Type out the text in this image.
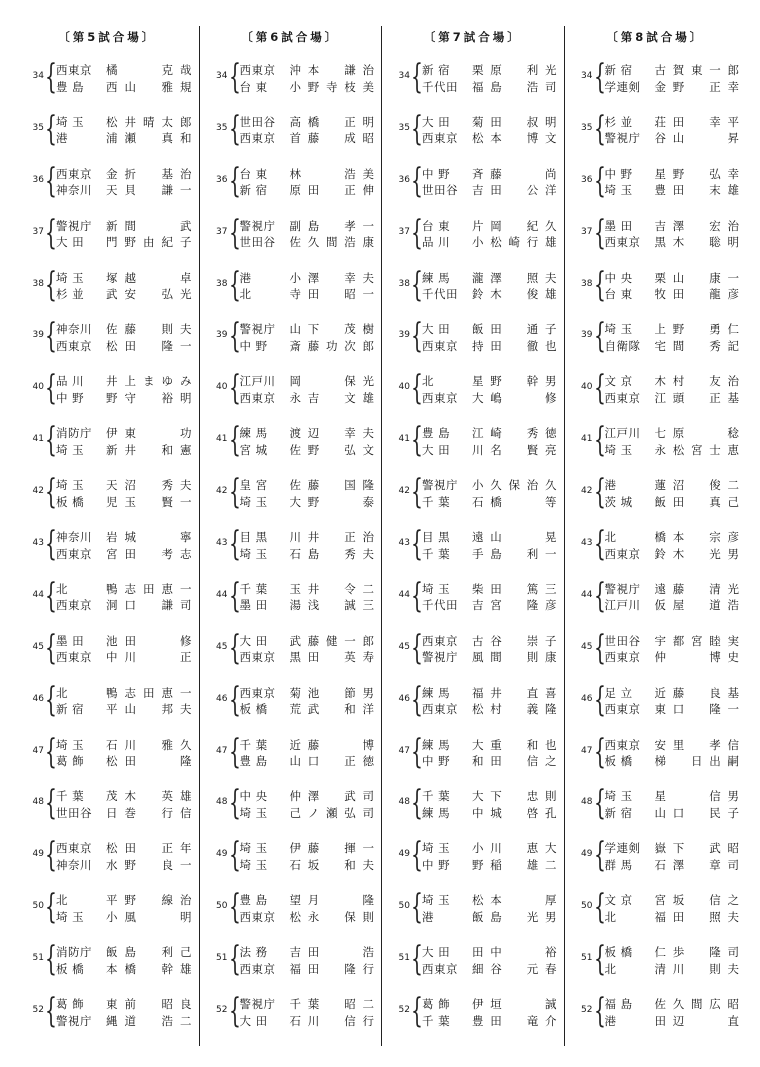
〔第5試合場〕
34 { 西東京	橘　　克哉
豊 島	西山　雅規
35 { 埼 玉	松井晴太郎
港	浦瀬　真和
36 { 西東京	金折　基治
神奈川	天貝　謙一
37 { 警視庁	新間　　武
大 田	門野由紀子
38 { 埼 玉	塚越　　卓
杉 並	武安　弘光
39 { 神奈川	佐藤　則夫
西東京	松田　隆一
40 { 品 川	井上まゆみ
中 野	野守　裕明
41 { 消防庁	伊東　　功
埼 玉	新井　和憲
42 { 埼 玉	天沼　秀夫
板 橋	児玉　賢一
43 { 神奈川	岩城　　寧
西東京	宮田　考志
44 { 北	鴨志田恵一
西東京	洞口　謙司
45 { 墨 田	池田　　修
西東京	中川　　正
46 { 北	鴨志田恵一
新 宿	平山　邦夫
47 { 埼 玉	石川　雅久
葛 飾	松田　　隆
48 { 千 葉	茂木　英雄
世田谷	日巻　行信
49 { 西東京	松田　正年
神奈川	水野　良一
50 { 北	平野　線治
埼 玉	小風　　明
51 { 消防庁	飯島　利己
板 橋	本橋　幹雄
52 { 葛 飾	東前　昭良
警視庁	縄道　浩二
〔第6試合場〕
34 { 西東京	沖本　謙治
台 東	小野寺枝美
35 { 世田谷	高橋　正明
西東京	首藤　成昭
36 { 台 東	林　　浩美
新 宿	原田　正伸
37 { 警視庁	副島　孝一
世田谷	佐久間浩康
38 { 港	小澤　幸夫
北	寺田　昭一
39 { 警視庁	山下　茂樹
中 野	斎藤功次郎
40 { 江戸川	岡　　保光
西東京	永吉　文雄
41 { 練 馬	渡辺　幸夫
宮 城	佐野　弘文
42 { 皇 宮	佐藤　国隆
埼 玉	大野　　泰
43 { 目 黒	川井　正治
埼 玉	石島　秀夫
44 { 千 葉	玉井　令二
墨 田	湯浅　誠三
45 { 大 田	武藤健一郎
西東京	黒田　英寿
46 { 西東京	菊池　節男
板 橋	荒武　和洋
47 { 千 葉	近藤　　博
豊 島	山口　正徳
48 { 中 央	仲澤　武司
埼 玉	己ノ瀬弘司
49 { 埼 玉	伊藤　揮一
埼 玉	石坂　和夫
50 { 豊 島	望月　　隆
西東京	松永　保則
51 { 法 務	吉田　　浩
西東京	福田　隆行
52 { 警視庁	千葉　昭二
大 田	石川　信行
〔第7試合場〕
34 { 新 宿	栗原　利光
千代田	福島　浩司
35 { 大 田	菊田　叔明
西東京	松本　博文
36 { 中 野	斉藤　　尚
世田谷	吉田　公洋
37 { 台 東	片岡　紀久
品 川	小松崎行雄
38 { 練 馬	瀧澤　照夫
千代田	鈴木　俊雄
39 { 大 田	飯田　通子
西東京	持田　徹也
40 { 北	星野　幹男
西東京	大嶋　　修
41 { 豊 島	江崎　秀徳
大 田	川名　賢亮
42 { 警視庁	小久保治久
千 葉	石橋　　等
43 { 目 黒	遠山　　晃
千 葉	手島　利一
44 { 埼 玉	柴田　篤三
千代田	吉宮　隆彦
45 { 西東京	古谷　崇子
警視庁	風間　則康
46 { 練 馬	福井　直喜
西東京	松村　義隆
47 { 練 馬	大重　和也
中 野	和田　信之
48 { 千 葉	大下　忠則
練 馬	中城　啓孔
49 { 埼 玉	小川　恵大
中 野	野稲　雄二
50 { 埼 玉	松本　　厚
港	飯島　光男
51 { 大 田	田中　　裕
西東京	細谷　元春
52 { 葛 飾	伊垣　　誠
千 葉	豊田　竜介
〔第8試合場〕
34 { 新 宿	古賀東一郎
学連剣	金野　正幸
35 { 杉 並	荘田　幸平
警視庁	谷山　　昇
36 { 中 野	星野　弘幸
埼 玉	豊田　末雄
37 { 墨 田	吉澤　宏治
西東京	黒木　聡明
38 { 中 央	栗山　康一
台 東	牧田　龍彦
39 { 埼 玉	上野　勇仁
自衛隊	宅間　秀記
40 { 文 京	木村　友治
西東京	江頭　正基
41 { 江戸川	七原　　稔
埼 玉	永松宮士恵
42 { 港	蓮沼　俊二
茨 城	飯田　真己
43 { 北	橋本　宗彦
西東京	鈴木　光男
44 { 警視庁	遠藤　清光
江戸川	仮屋　道浩
45 { 世田谷	宇都宮睦実
西東京	仲　　博史
46 { 足 立	近藤　良基
西東京	東口　隆一
47 { 西東京	安里　孝信
板 橋	梯　日出嗣
48 { 埼 玉	星　　信男
新 宿	山口　民子
49 { 学連剣	嶽下　武昭
群 馬	石澤　章司
50 { 文 京	宮坂　信之
北	福田　照夫
51 { 板 橋	仁歩　隆司
北	清川　則夫
52 { 福 島	佐久間広昭
港	田辺　　直
